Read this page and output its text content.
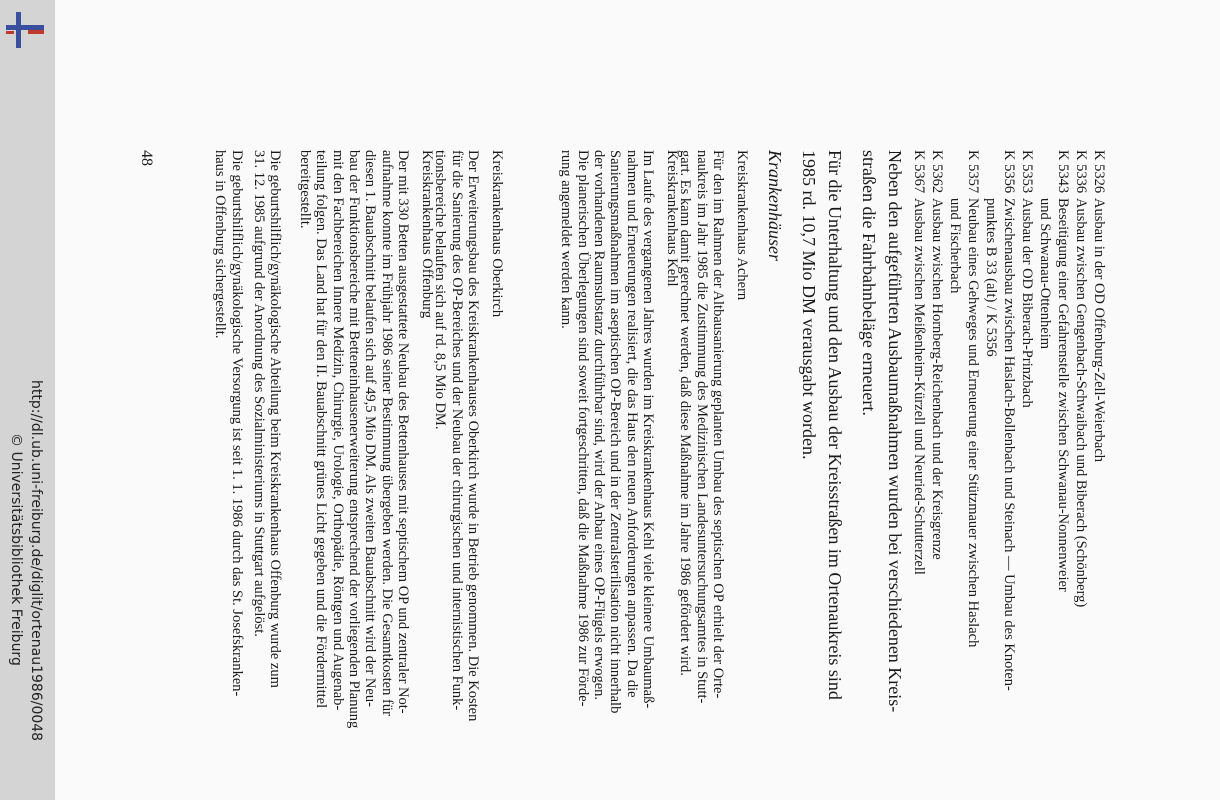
K 5326Ausbau in der OD Offenburg-Zell-Weierbach
K 5336Ausbau zwischen Gengenbach-Schwaibach und Biberach (Schönberg)
K 5343Beseitigung einer Gefahrenstelle zwischen Schwanau-Nonnenweier
und Schwanau-Ottenheim
K 5353Ausbau der OD Biberach-Prinzbach
K 5356Zwischenausbau zwischen Haslach-Bollenbach und Steinach — Umbau des Knoten-
punktes B 33 (alt) / K 5356
K 5357Neubau eines Gehweges und Erneuerung einer Stützmauer zwischen Haslach
und Fischerbach
K 5362Ausbau zwischen Hornberg-Reichenbach und der Kreisgrenze
K 5367Ausbau zwischen Meißenheim-Kürzell und Neuried-Schutterzell
Neben den aufgeführten Ausbaumaßnahmen wurden bei verschiedenen Kreis-
straßen die Fahrbahnbeläge erneuert.
Für die Unterhaltung und den Ausbau der Kreisstraßen im Ortenaukreis sind
1985 rd. 10,7 Mio DM verausgabt worden.
Krankenhäuser
Kreiskrankenhaus Achern
Für den im Rahmen der Altbausanierung geplanten Umbau des septischen OP erhielt der Orte-
naukreis im Jahr 1985 die Zustimmung des Medizinischen Landesuntersuchungsamtes in Stutt-
gart. Es kann damit gerechnet werden, daß diese Maßnahme im Jahre 1986 gefördert wird.
Kreiskrankenhaus Kehl
Im Laufe des vergangenen Jahres wurden im Kreiskrankenhaus Kehl viele kleinere Umbaumaß-
nahmen und Erneuerungen realisiert, die das Haus den neuen Anforderungen anpassen. Da die
Sanierungsmaßnahmen im aseptischen OP-Bereich und in der Zentralsterilisation nicht innerhalb
der vorhandenen Raumsubstanz durchführbar sind, wird der Anbau eines OP-Flügels erwogen.
Die planerischen Überlegungen sind soweit fortgeschritten, daß die Maßnahme 1986 zur Förde-
rung angemeldet werden kann.
Kreiskrankenhaus Oberkirch
Der Erweiterungsbau des Kreiskrankenhauses Oberkirch wurde in Betrieb genommen. Die Kosten
für die Sanierung des OP-Bereiches und der Neubau der chirurgischen und internistischen Funk-
tionsbereiche belaufen sich auf rd. 8,5 Mio DM.
Kreiskrankenhaus Offenburg
Der mit 330 Betten ausgestattete Neubau des Bettenhauses mit septischem OP und zentraler Not-
aufnahme konnte im Frühjahr 1986 seiner Bestimmung übergeben werden. Die Gesamtkosten für
diesen 1. Bauabschnitt belaufen sich auf 49,5 Mio DM. Als zweiten Bauabschnitt wird der Neu-
bau der Funktionsbereiche mit Betteneinhausenerweiterung entsprechend der vorliegenden Planung
mit den Fachbereichen Innere Medizin, Chirurgie, Urologie, Orthopädie, Röntgen und Augenab-
teilung folgen. Das Land hat für den II. Bauabschnitt grünes Licht gegeben und die Fördermittel
bereitgestellt.
Die geburtshilflich/gynäkologische Abteilung beim Kreiskrankenhaus Offenburg wurde zum
31. 12. 1985 aufgrund der Anordnung des Sozialministeriums in Stuttgart aufgelöst.
Die geburtshilflich/gynäkologische Versorgung ist seit 1. 1. 1986 durch das St. Josefskranken-
haus in Offenburg sichergestellt.
48
http://dl.ub.uni-freiburg.de/diglit/ortenau1986/0048
© Universitätsbibliothek Freiburg
